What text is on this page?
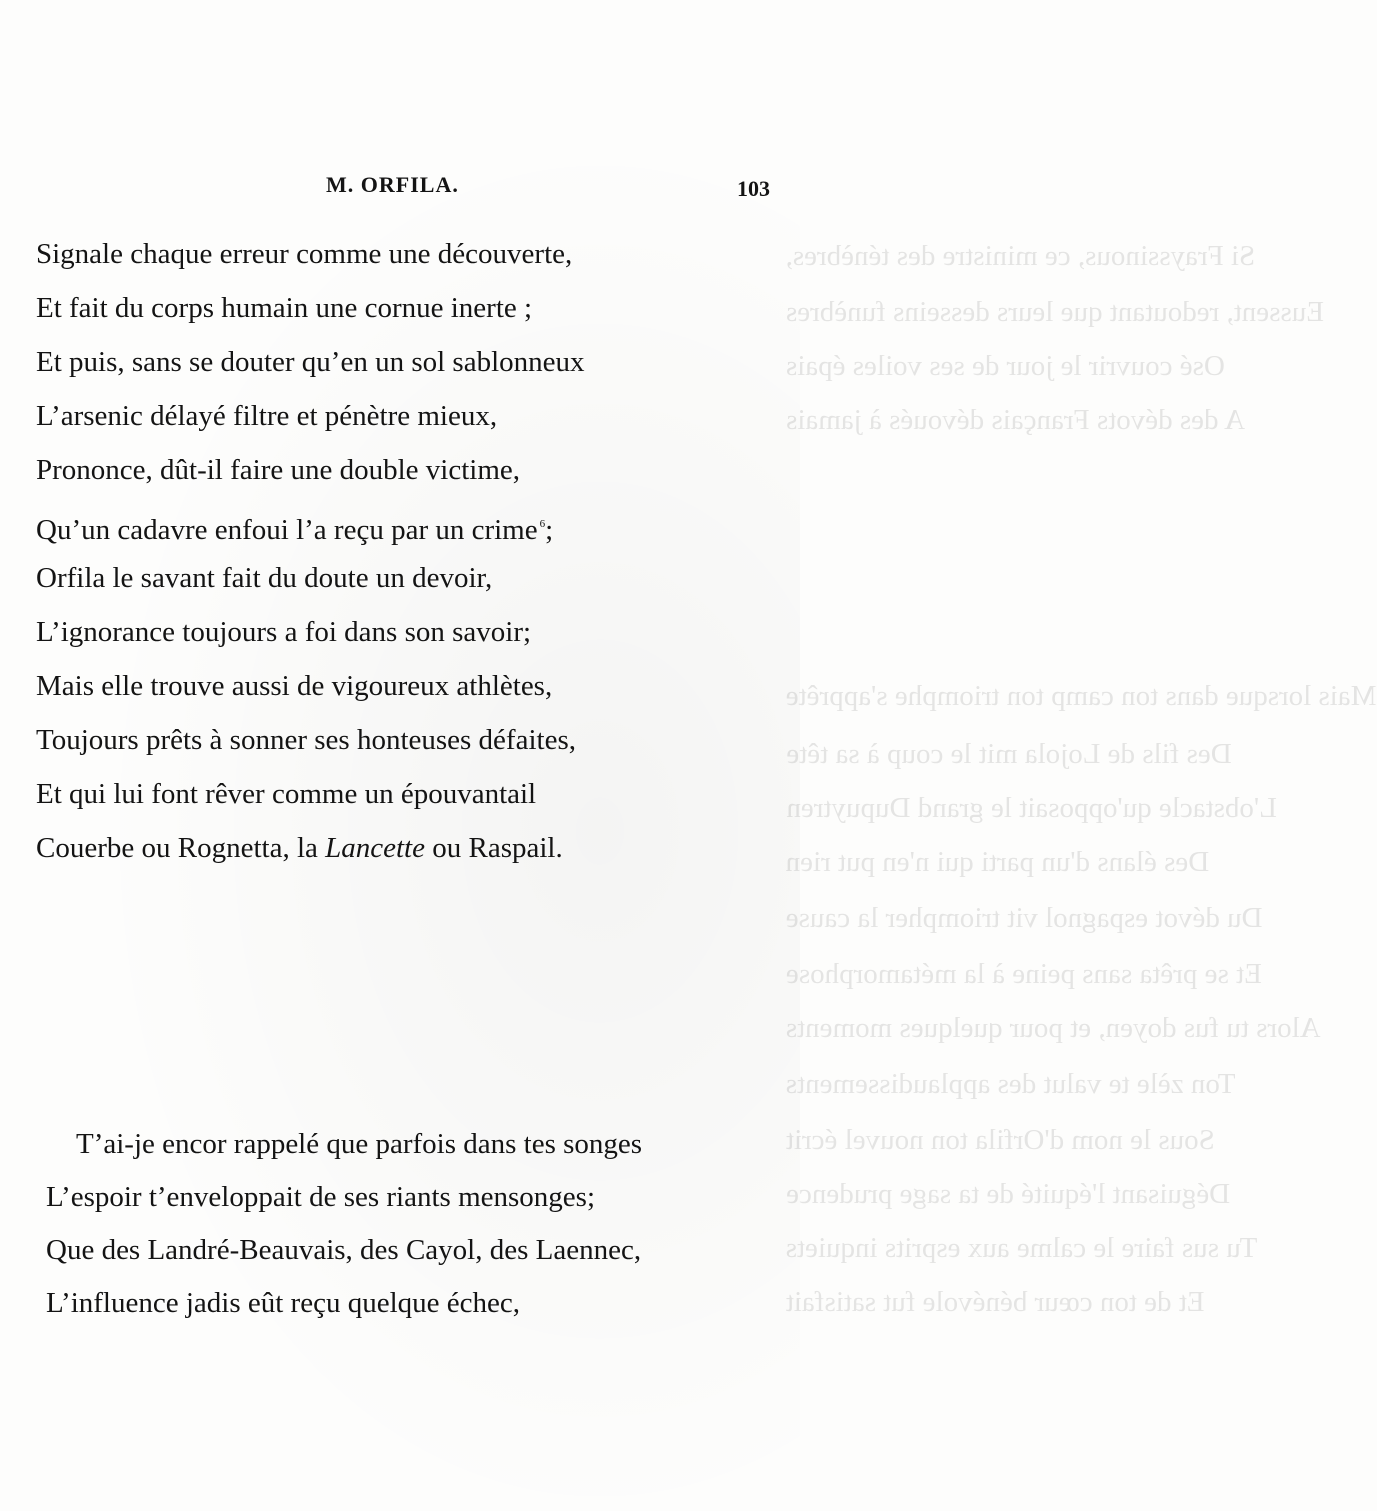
Si Frayssinous, ce ministre des ténèbres,
Eussent, redoutant que leurs desseins funèbres
Osé couvrir le jour de ses voiles épais
A des dévots Français dévoués à jamais
Mais lorsque dans ton camp ton triomphe s'apprête
Des fils de Lojola mit le coup à sa tête
L'obstacle qu'opposait le grand Dupuytren
Des élans d'un parti qui n'en put rien
Du dévot espagnol vit triompher la cause
Et se prêta sans peine à la métamorphose
Alors tu fus doyen, et pour quelques moments
Ton zèle te valut des applaudissements
Sous le nom d'Orfila ton nouvel écrit
Déguisant l'équité de ta sage prudence
Tu sus faire le calme aux esprits inquiets
Et de ton cœur bénévole fut satisfait
M. ORFILA.	103
Signale chaque erreur comme une découverte,
Et fait du corps humain une cornue inerte ;
Et puis, sans se douter qu’en un sol sablonneux
L’arsenic délayé filtre et pénètre mieux,
Prononce, dût-il faire une double victime,
Qu’un cadavre enfoui l’a reçu par un crime $^6$;
Orfila le savant fait du doute un devoir,
L’ignorance toujours a foi dans son savoir;
Mais elle trouve aussi de vigoureux athlètes,
Toujours prêts à sonner ses honteuses défaites,
Et qui lui font rêver comme un épouvantail
Couerbe ou Rognetta, la Lancette ou Raspail.
T’ai-je encor rappelé que parfois dans tes songes
L’espoir t’enveloppait de ses riants mensonges;
Que des Landré-Beauvais, des Cayol, des Laennec,
L’influence jadis eût reçu quelque échec,
